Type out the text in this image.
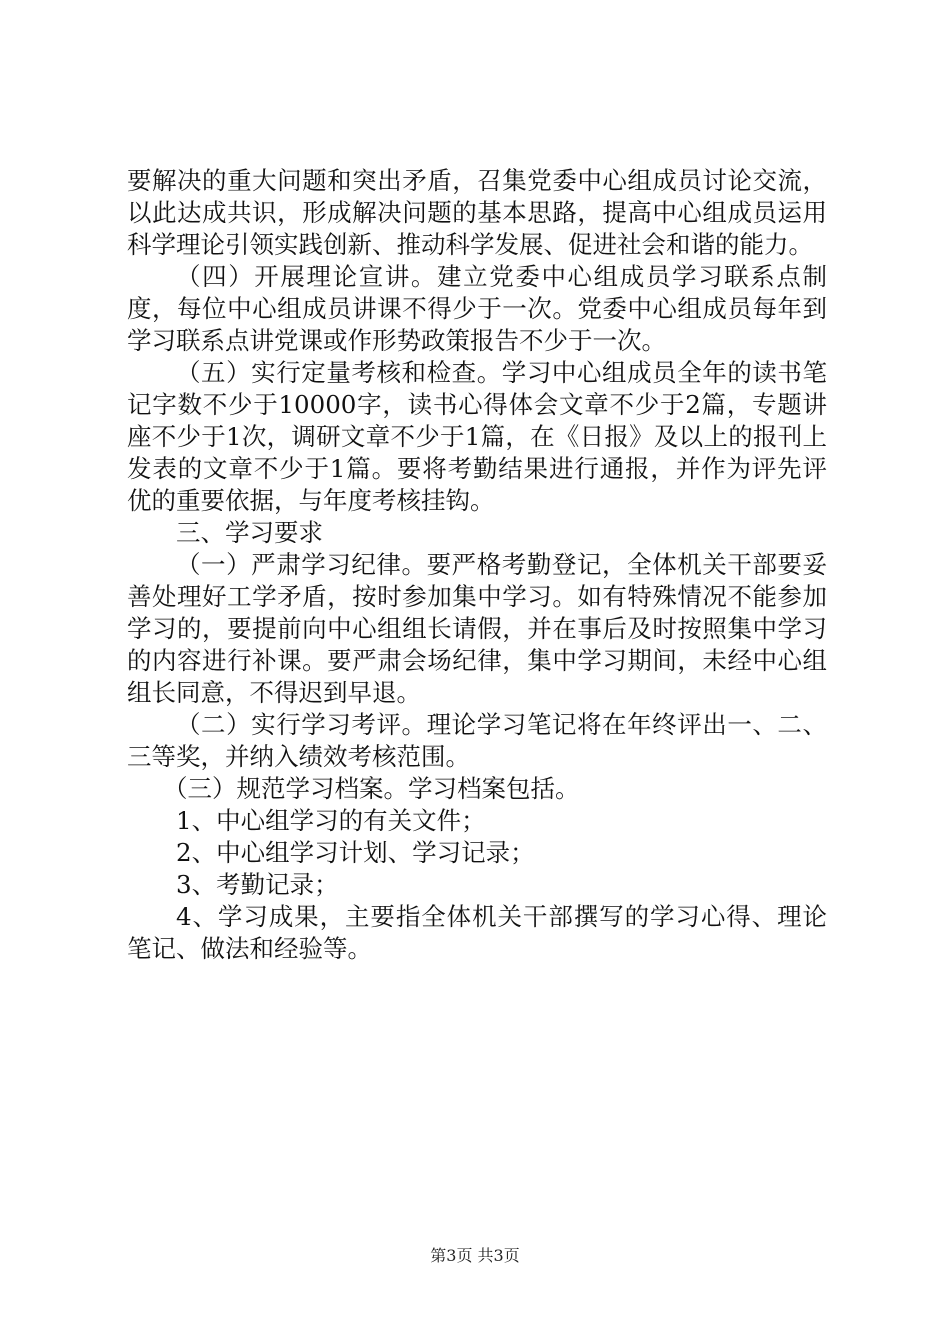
要解决的重大问题和突出矛盾，召集党委中心组成员讨论交流，以此达成共识，形成解决问题的基本思路，提高中心组成员运用科学理论引领实践创新、推动科学发展、促进社会和谐的能力。

（四）开展理论宣讲。建立党委中心组成员学习联系点制度，每位中心组成员讲课不得少于一次。党委中心组成员每年到学习联系点讲党课或作形势政策报告不少于一次。

（五）实行定量考核和检查。学习中心组成员全年的读书笔记字数不少于10000字，读书心得体会文章不少于2篇，专题讲座不少于1次，调研文章不少于1篇，在《日报》及以上的报刊上发表的文章不少于1篇。要将考勤结果进行通报，并作为评先评优的重要依据，与年度考核挂钩。

三、学习要求

（一）严肃学习纪律。要严格考勤登记，全体机关干部要妥善处理好工学矛盾，按时参加集中学习。如有特殊情况不能参加学习的，要提前向中心组组长请假，并在事后及时按照集中学习的内容进行补课。要严肃会场纪律，集中学习期间，未经中心组组长同意，不得迟到早退。

（二）实行学习考评。理论学习笔记将在年终评出一、二、三等奖，并纳入绩效考核范围。

（三）规范学习档案。学习档案包括。

1、中心组学习的有关文件；

2、中心组学习计划、学习记录；

3、考勤记录；

4、学习成果，主要指全体机关干部撰写的学习心得、理论笔记、做法和经验等。

第3页 共3页
